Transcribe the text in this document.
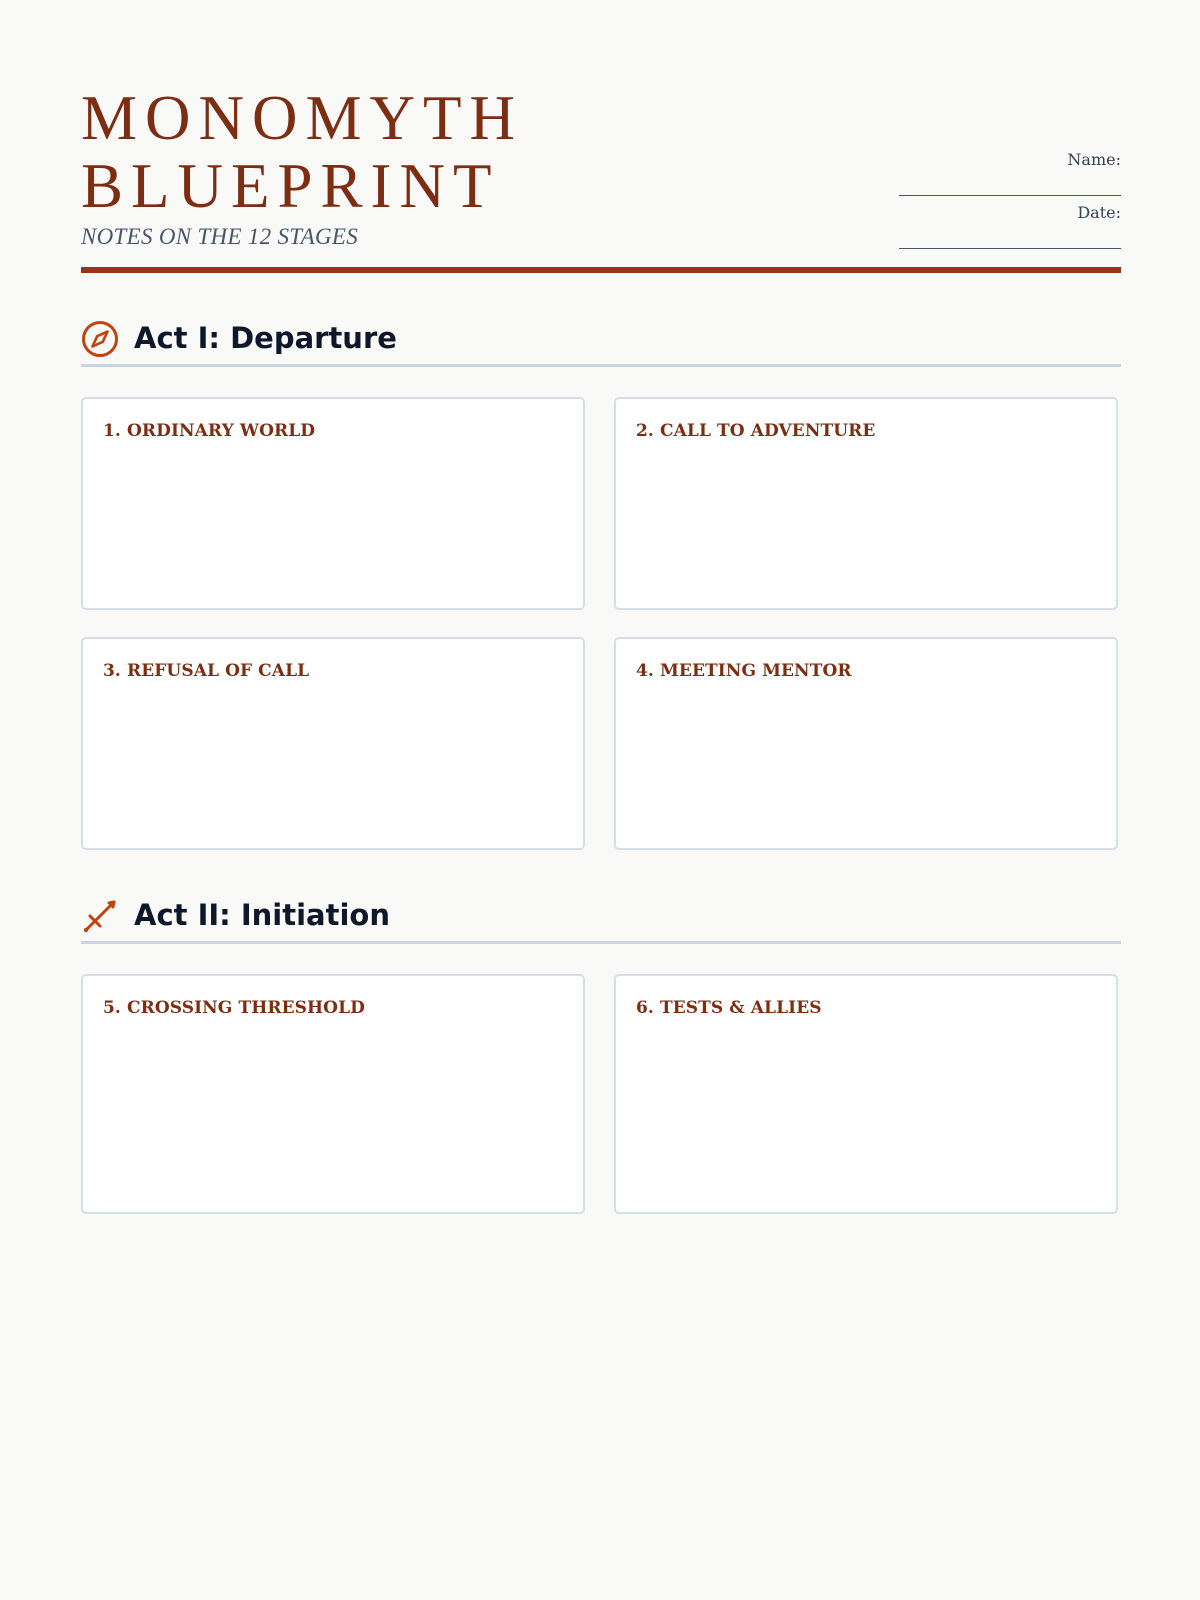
MONOMYTH
BLUEPRINT

NOTES ON THE 12 STAGES

Name:
Date:
Act I: Departure

1. ORDINARY WORLD	2. CALL TO ADVENTURE

3. REFUSAL OF CALL	4. MEETING MENTOR

Act II: Initiation

5. CROSSING THRESHOLD	6. TESTS & ALLIES
